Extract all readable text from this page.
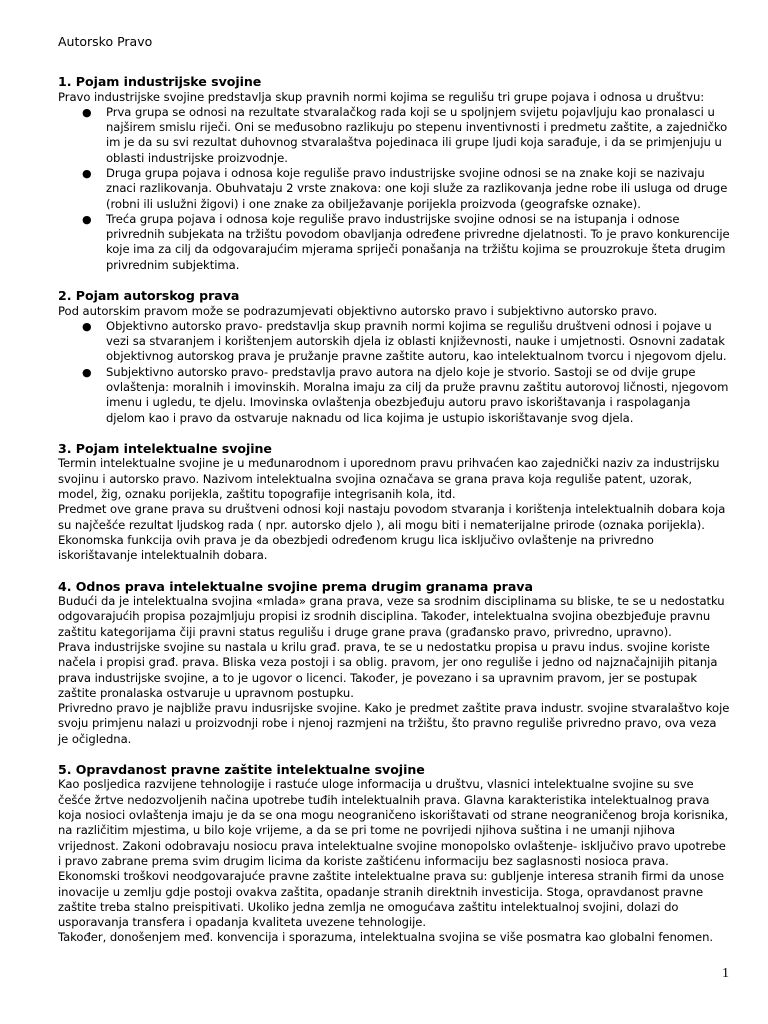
Autorsko Pravo
1. Pojam industrijske svojine

Pravo industrijske svojine predstavlja skup pravnih normi kojima se regulišu tri grupe pojava i odnosa u društvu:

● Prva grupa se odnosi na rezultate stvaralačkog rada koji se u spoljnjem svijetu pojavljuju kao pronalasci u najširem smislu riječi. Oni se međusobno razlikuju po stepenu inventivnosti i predmetu zaštite, a zajedničko im je da su svi rezultat duhovnog stvaralaštva pojedinaca ili grupe ljudi koja sarađuje, i da se primjenjuju u oblasti industrijske proizvodnje.
● Druga grupa pojava i odnosa koje reguliše pravo industrijske svojine odnosi se na znake koji se nazivaju znaci razlikovanja. Obuhvataju 2 vrste znakova: one koji služe za razlikovanja jedne robe ili usluga od druge (robni ili uslužni žigovi) i one znake za obilježavanje porijekla proizvoda (geografske oznake).
● Treća grupa pojava i odnosa koje reguliše pravo industrijske svojine odnosi se na istupanja i odnose privrednih subjekata na tržištu povodom obavljanja određene privredne djelatnosti. To je pravo konkurencije koje ima za cilj da odgovarajućim mjerama spriječi ponašanja na tržištu kojima se prouzrokuje šteta drugim privrednim subjektima.
2. Pojam autorskog prava

Pod autorskim pravom može se podrazumjevati objektivno autorsko pravo i subjektivno autorsko pravo.

● Objektivno autorsko pravo- predstavlja skup pravnih normi kojima se regulišu društveni odnosi i pojave u vezi sa stvaranjem i korištenjem autorskih djela iz oblasti književnosti, nauke i umjetnosti. Osnovni zadatak objektivnog autorskog prava je pružanje pravne zaštite autoru, kao intelektualnom tvorcu i njegovom djelu.
● Subjektivno autorsko pravo- predstavlja pravo autora na djelo koje je stvorio. Sastoji se od dvije grupe ovlaštenja: moralnih i imovinskih. Moralna imaju za cilj da pruže pravnu zaštitu autorovoj ličnosti, njegovom imenu i ugledu, te djelu. Imovinska ovlaštenja obezbjeđuju autoru pravo iskorištavanja i raspolaganja djelom kao i pravo da ostvaruje naknadu od lica kojima je ustupio iskorištavanje svog djela.
3. Pojam intelektualne svojine

Termin intelektualne svojine je u međunarodnom i uporednom pravu prihvaćen kao zajednički naziv za industrijsku svojinu i autorsko pravo. Nazivom intelektualna svojina označava se grana prava koja reguliše patent, uzorak, model, žig, oznaku porijekla, zaštitu topografije integrisanih kola, itd.

Predmet ove grane prava su društveni odnosi koji nastaju povodom stvaranja i korištenja intelektualnih dobara koja su najčešće rezultat ljudskog rada ( npr. autorsko djelo ), ali mogu biti i nematerijalne prirode (oznaka porijekla).

Ekonomska funkcija ovih prava je da obezbjedi određenom krugu lica isključivo ovlaštenje na privredno iskorištavanje intelektualnih dobara.

4. Odnos prava intelektualne svojine prema drugim granama prava

Budući da je intelektualna svojina «mlada» grana prava, veze sa srodnim disciplinama su bliske, te se u nedostatku odgovarajućih propisa pozajmljuju propisi iz srodnih disciplina. Također, intelektualna svojina obezbjeđuje pravnu zaštitu kategorijama čiji pravni status regulišu i druge grane prava (građansko pravo, privredno, upravno).

Prava industrijske svojine su nastala u krilu građ. prava, te se u nedostatku propisa u pravu indus. svojine koriste načela i propisi građ. prava. Bliska veza postoji i sa oblig. pravom, jer ono reguliše i jedno od najznačajnijih pitanja prava industrijske svojine, a to je ugovor o licenci. Također, je povezano i sa upravnim pravom, jer se postupak zaštite pronalaska ostvaruje u upravnom postupku.

Privredno pravo je najbliže pravu indusrijske svojine. Kako je predmet zaštite prava industr. svojine stvaralaštvo koje svoju primjenu nalazi u proizvodnji robe i njenoj razmjeni na tržištu, što pravno reguliše privredno pravo, ova veza je očigledna.

5. Opravdanost pravne zaštite intelektualne svojine

Kao posljedica razvijene tehnologije i rastuće uloge informacija u društvu, vlasnici intelektualne svojine su sve češće žrtve nedozvoljenih načina upotrebe tuđih intelektualnih prava. Glavna karakteristika intelektualnog prava koja nosioci ovlaštenja imaju je da se ona mogu neograničeno iskorištavati od strane neograničenog broja korisnika, na različitim mjestima, u bilo koje vrijeme, a da se pri tome ne povrijedi njihova suština i ne umanji njihova vrijednost. Zakoni odobravaju nosiocu prava intelektualne svojine monopolsko ovlaštenje- isključivo pravo upotrebe i pravo zabrane prema svim drugim licima da koriste zaštićenu informaciju bez saglasnosti nosioca prava. Ekonomski troškovi neodgovarajuće pravne zaštite intelektualne prava su: gubljenje interesa stranih firmi da unose inovacije u zemlju gdje postoji ovakva zaštita, opadanje stranih direktnih investicija. Stoga, opravdanost pravne zaštite treba stalno preispitivati. Ukoliko jedna zemlja ne omogućava zaštitu intelektualnoj svojini, dolazi do usporavanja transfera i opadanja kvaliteta uvezene tehnologije.

Također, donošenjem međ. konvencija i sporazuma, intelektualna svojina se više posmatra kao globalni fenomen.

1
